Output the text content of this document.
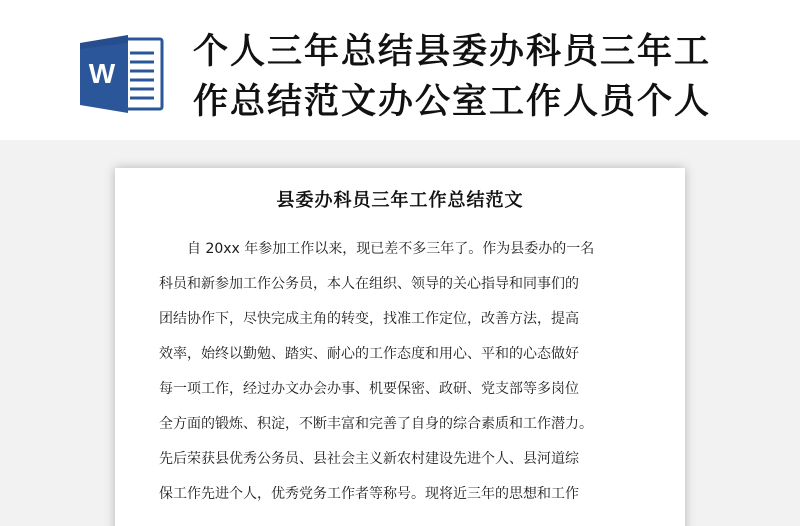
W
个人三年总结县委办科员三年工
作总结范文办公室工作人员个人
县委办科员三年工作总结范文
自 20xx 年参加工作以来，现已差不多三年了。作为县委办的一名
科员和新参加工作公务员，本人在组织、领导的关心指导和同事们的
团结协作下，尽快完成主角的转变，找准工作定位，改善方法，提高
效率，始终以勤勉、踏实、耐心的工作态度和用心、平和的心态做好
每一项工作，经过办文办会办事、机要保密、政研、党支部等多岗位
全方面的锻炼、积淀，不断丰富和完善了自身的综合素质和工作潜力。
先后荣获县优秀公务员、县社会主义新农村建设先进个人、县河道综
保工作先进个人，优秀党务工作者等称号。现将近三年的思想和工作
